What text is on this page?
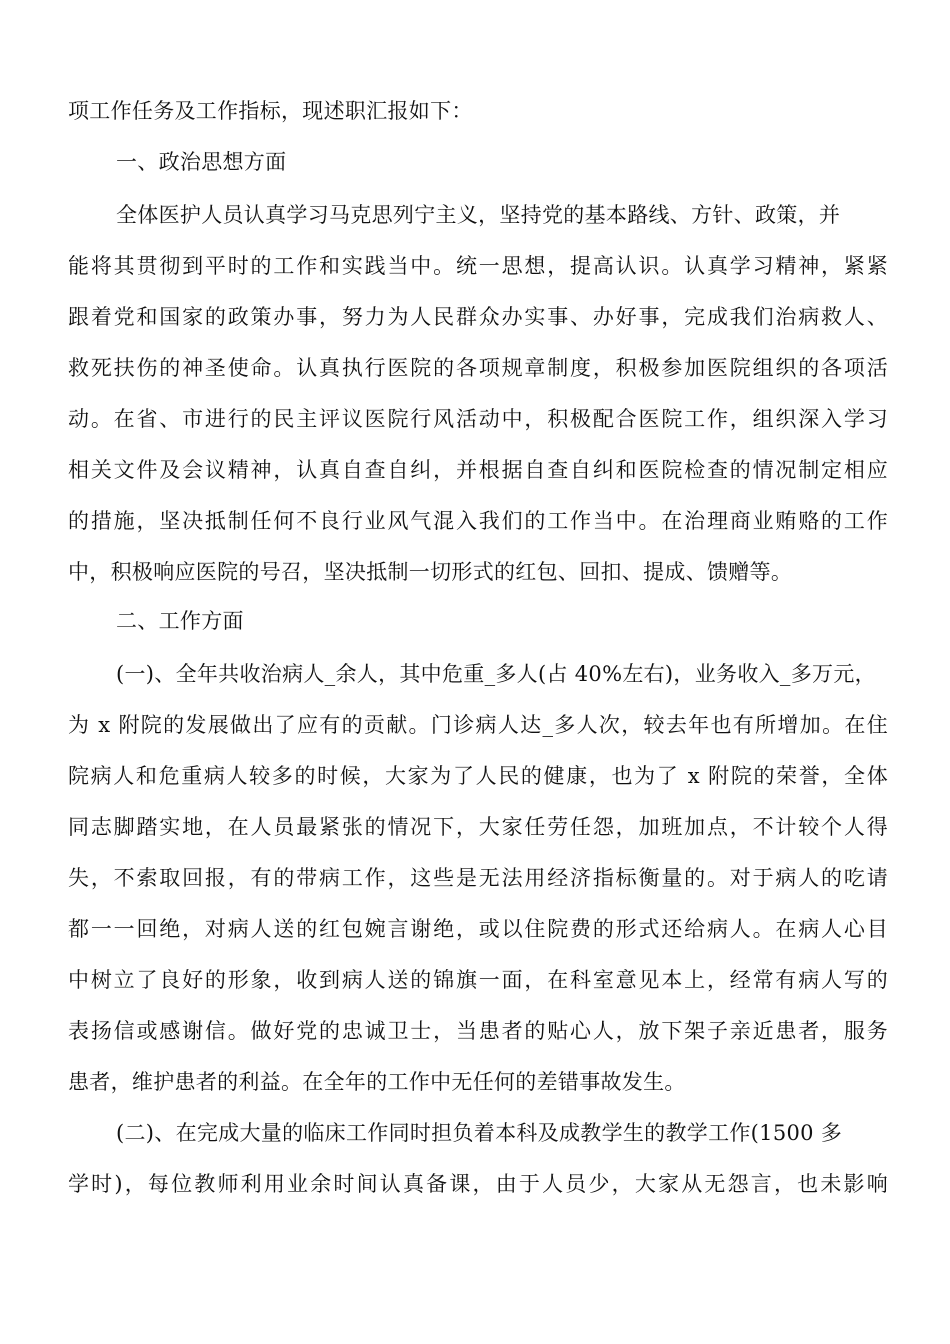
项工作任务及工作指标，现述职汇报如下：
一、政治思想方面
全体医护人员认真学习马克思列宁主义，坚持党的基本路线、方针、政策，并
能将其贯彻到平时的工作和实践当中。统一思想，提高认识。认真学习精神，紧紧
跟着党和国家的政策办事，努力为人民群众办实事、办好事，完成我们治病救人、
救死扶伤的神圣使命。认真执行医院的各项规章制度，积极参加医院组织的各项活
动。在省、市进行的民主评议医院行风活动中，积极配合医院工作，组织深入学习
相关文件及会议精神，认真自查自纠，并根据自查自纠和医院检查的情况制定相应
的措施，坚决抵制任何不良行业风气混入我们的工作当中。在治理商业贿赂的工作
中，积极响应医院的号召，坚决抵制一切形式的红包、回扣、提成、馈赠等。
二、工作方面
(一)、全年共收治病人_余人，其中危重_多人(占 40%左右)，业务收入_多万元，
为 x 附院的发展做出了应有的贡献。门诊病人达_多人次，较去年也有所增加。在住
院病人和危重病人较多的时候，大家为了人民的健康，也为了 x 附院的荣誉，全体
同志脚踏实地，在人员最紧张的情况下，大家任劳任怨，加班加点，不计较个人得
失，不索取回报，有的带病工作，这些是无法用经济指标衡量的。对于病人的吃请
都一一回绝，对病人送的红包婉言谢绝，或以住院费的形式还给病人。在病人心目
中树立了良好的形象，收到病人送的锦旗一面，在科室意见本上，经常有病人写的
表扬信或感谢信。做好党的忠诚卫士，当患者的贴心人，放下架子亲近患者，服务
患者，维护患者的利益。在全年的工作中无任何的差错事故发生。
(二)、在完成大量的临床工作同时担负着本科及成教学生的教学工作(1500 多
学时)，每位教师利用业余时间认真备课，由于人员少，大家从无怨言，也未影响
